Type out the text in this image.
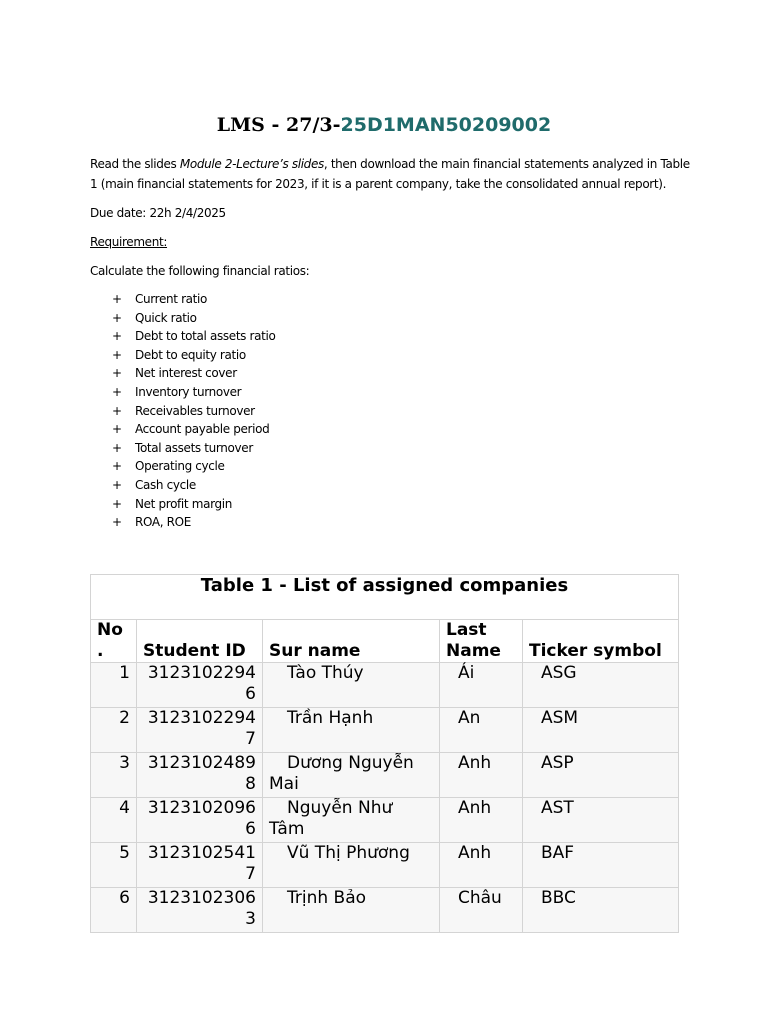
LMS - 27/3-25D1MAN50209002

Read the slides Module 2-Lecture’s slides, then download the main financial statements analyzed in Table 1 (main financial statements for 2023, if it is a parent company, take the consolidated annual report).

Due date: 22h 2/4/2025

Requirement:

Calculate the following financial ratios:

+ Current ratio
+ Quick ratio
+ Debt to total assets ratio
+ Debt to equity ratio
+ Net interest cover
+ Inventory turnover
+ Receivables turnover
+ Account payable period
+ Total assets turnover
+ Operating cycle
+ Cash cycle
+ Net profit margin
+ ROA, ROE
Table 1 - List of assigned companies				
No .	Student ID	Sur name	Last Name	Ticker symbol
1	31231022946	Tào Thúy	Ái	ASG
2	31231022947	Trần Hạnh	An	ASM
3	31231024898	Dương Nguyễn Mai	Anh	ASP
4	31231020966	Nguyễn Như Tâm	Anh	AST
5	31231025417	Vũ Thị Phương	Anh	BAF
6	31231023063	Trịnh Bảo	Châu	BBC
